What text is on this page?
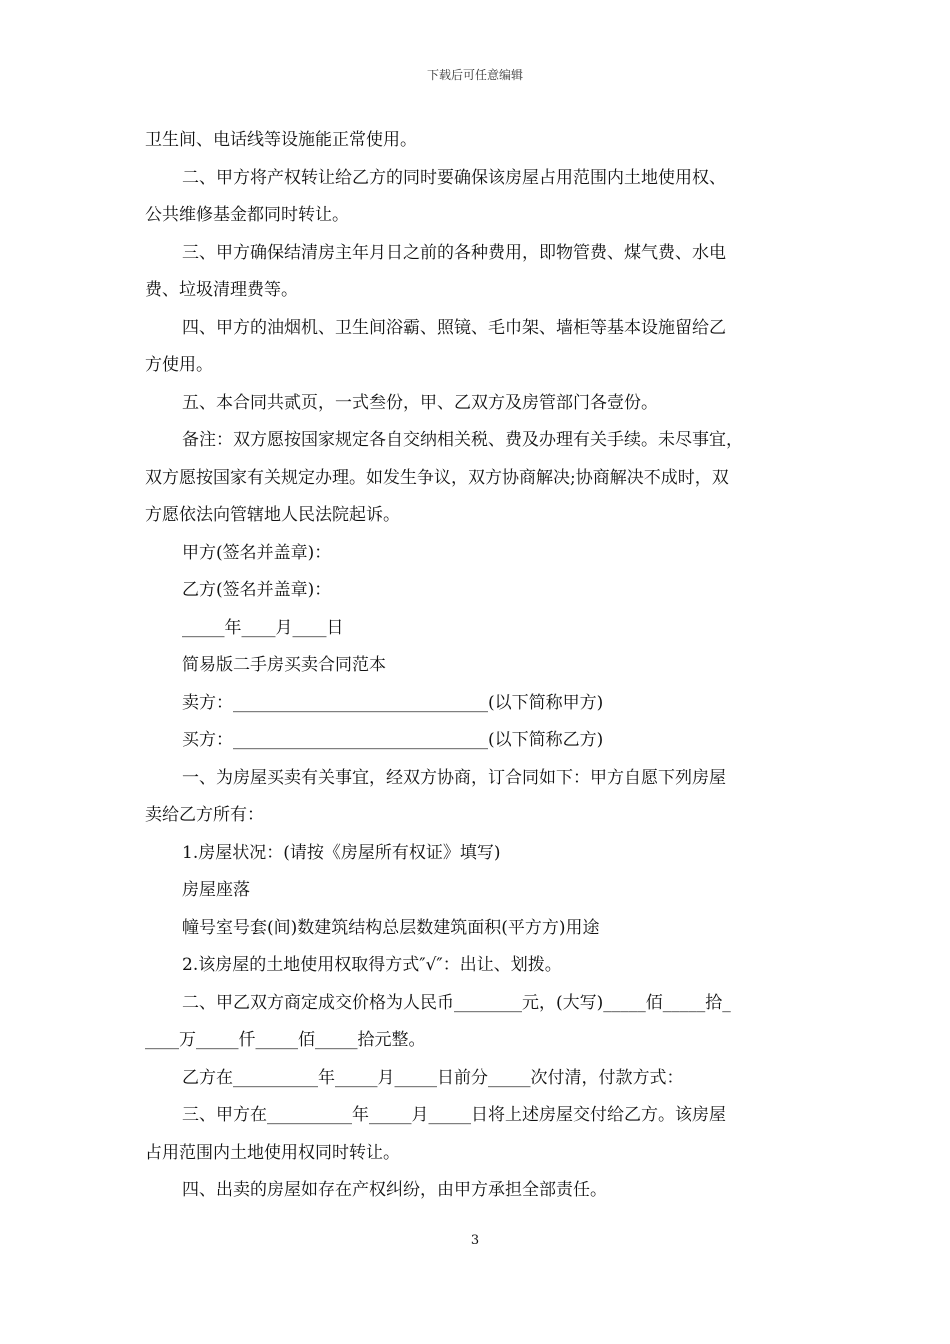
下载后可任意编辑
卫生间、电话线等设施能正常使用。
二、甲方将产权转让给乙方的同时要确保该房屋占用范围内土地使用权、
公共维修基金都同时转让。
三、甲方确保结清房主年月日之前的各种费用，即物管费、煤气费、水电
费、垃圾清理费等。
四、甲方的油烟机、卫生间浴霸、照镜、毛巾架、墙柜等基本设施留给乙
方使用。
五、本合同共贰页，一式叁份，甲、乙双方及房管部门各壹份。
备注：双方愿按国家规定各自交纳相关税、费及办理有关手续。未尽事宜，
双方愿按国家有关规定办理。如发生争议，双方协商解决;协商解决不成时，双
方愿依法向管辖地人民法院起诉。
甲方(签名并盖章)：
乙方(签名并盖章)：
_____年____月____日
简易版二手房买卖合同范本
卖方：______________________________(以下简称甲方)
买方：______________________________(以下简称乙方)
一、为房屋买卖有关事宜，经双方协商，订合同如下：甲方自愿下列房屋
卖给乙方所有：
1.房屋状况：(请按《房屋所有权证》填写)
房屋座落
幢号室号套(间)数建筑结构总层数建筑面积(平方方)用途
2.该房屋的土地使用权取得方式″√″：出让、划拨。
二、甲乙双方商定成交价格为人民币________元，(大写)_____佰_____拾_
____万_____仟_____佰_____拾元整。
乙方在__________年_____月_____日前分_____次付清，付款方式：
三、甲方在__________年_____月_____日将上述房屋交付给乙方。该房屋
占用范围内土地使用权同时转让。
四、出卖的房屋如存在产权纠纷，由甲方承担全部责任。
3
